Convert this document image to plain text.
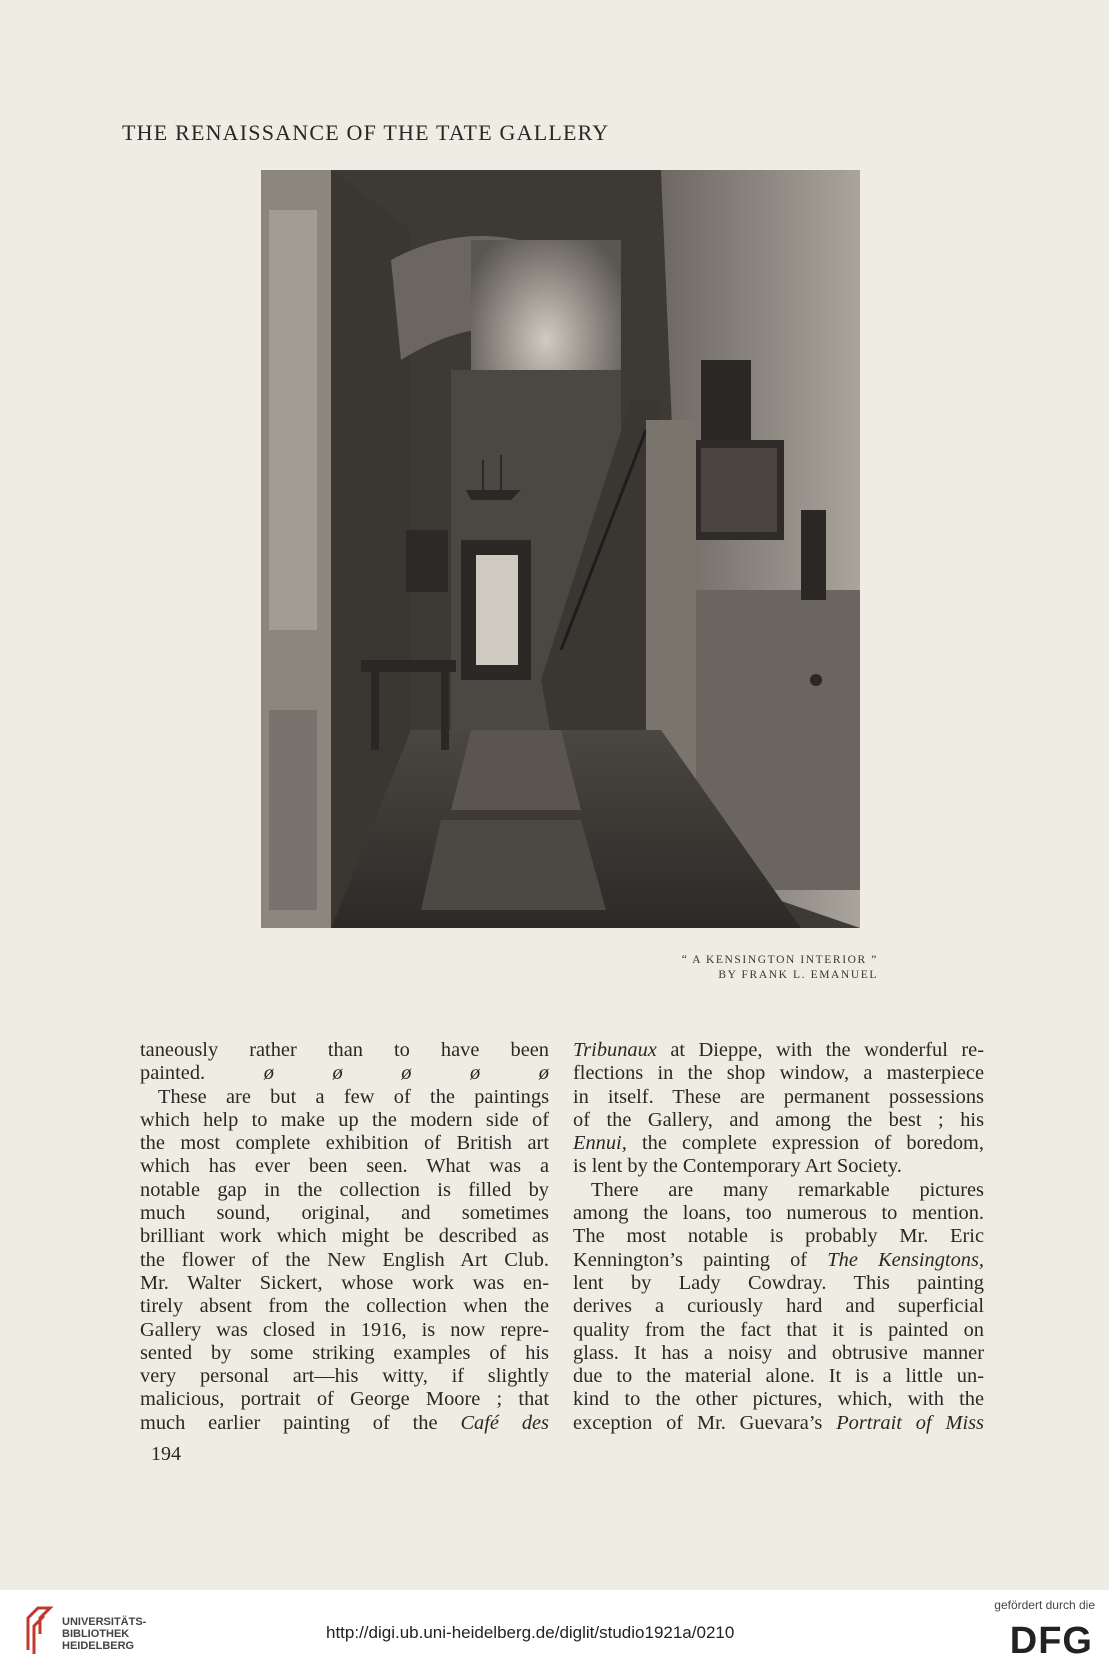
THE RENAISSANCE OF THE TATE GALLERY
“ A KENSINGTON INTERIOR ”
BY FRANK L. EMANUEL
taneously rather than to have been
painted.	ø	ø	ø	ø	ø
These are but a few of the paintings
which help to make up the modern side of
the most complete exhibition of British art
which has ever been seen. What was a
notable gap in the collection is filled by
much sound, original, and sometimes
brilliant work which might be described as
the flower of the New English Art Club.
Mr. Walter Sickert, whose work was en-
tirely absent from the collection when the
Gallery was closed in 1916, is now repre-
sented by some striking examples of his
very personal art—his witty, if slightly
malicious, portrait of George Moore ; that
much earlier painting of the Café des
Tribunaux at Dieppe, with the wonderful re-
flections in the shop window, a masterpiece
in itself. These are permanent possessions
of the Gallery, and among the best ; his
Ennui, the complete expression of boredom,
is lent by the Contemporary Art Society.
There are many remarkable pictures
among the loans, too numerous to mention.
The most notable is probably Mr. Eric
Kennington’s painting of The Kensingtons,
lent by Lady Cowdray. This painting
derives a curiously hard and superficial
quality from the fact that it is painted on
glass. It has a noisy and obtrusive manner
due to the material alone. It is a little un-
kind to the other pictures, which, with the
exception of Mr. Guevara’s Portrait of Miss
194
UNIVERSITÄTS-
BIBLIOTHEK
HEIDELBERG
http://digi.ub.uni-heidelberg.de/diglit/studio1921a/0210
gefördert durch die
DFG
